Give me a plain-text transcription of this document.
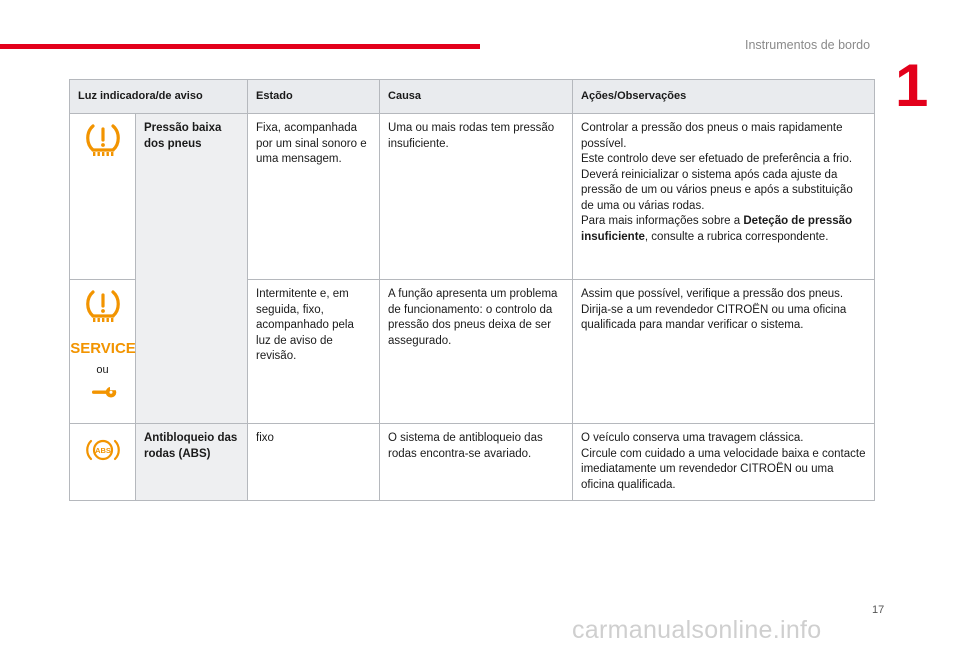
Instrumentos de bordo
1
Luz indicadora/de aviso		Estado	Causa	Ações/Observações
	Pressão baixa dos pneus	Fixa, acompanhada por um sinal sonoro e uma mensagem.	Uma ou mais rodas tem pressão insuficiente.	Controlar a pressão dos pneus o mais rapidamente possível.
Este controlo deve ser efetuado de preferência a frio.
Deverá reinicializar o sistema após cada ajuste da pressão de um ou vários pneus e após a substituição de uma ou várias rodas.
Para mais informações sobre a Deteção de pressão insuficiente, consulte a rubrica correspondente.

SERVICE
ou		Intermitente e, em seguida, fixo, acompanhado pela luz de aviso de revisão.	A função apresenta um problema de funcionamento: o controlo da pressão dos pneus deixa de ser assegurado.	Assim que possível, verifique a pressão dos pneus. Dirija-se a um revendedor CITROËN ou uma oficina qualificada para mandar verificar o sistema.

ABS	Antibloqueio das rodas (ABS)	fixo	O sistema de antibloqueio das rodas encontra-se avariado.	O veículo conserva uma travagem clássica.
Circule com cuidado a uma velocidade baixa e contacte imediatamente um revendedor CITROËN ou uma oficina qualificada.
17
carmanualsonline.info
